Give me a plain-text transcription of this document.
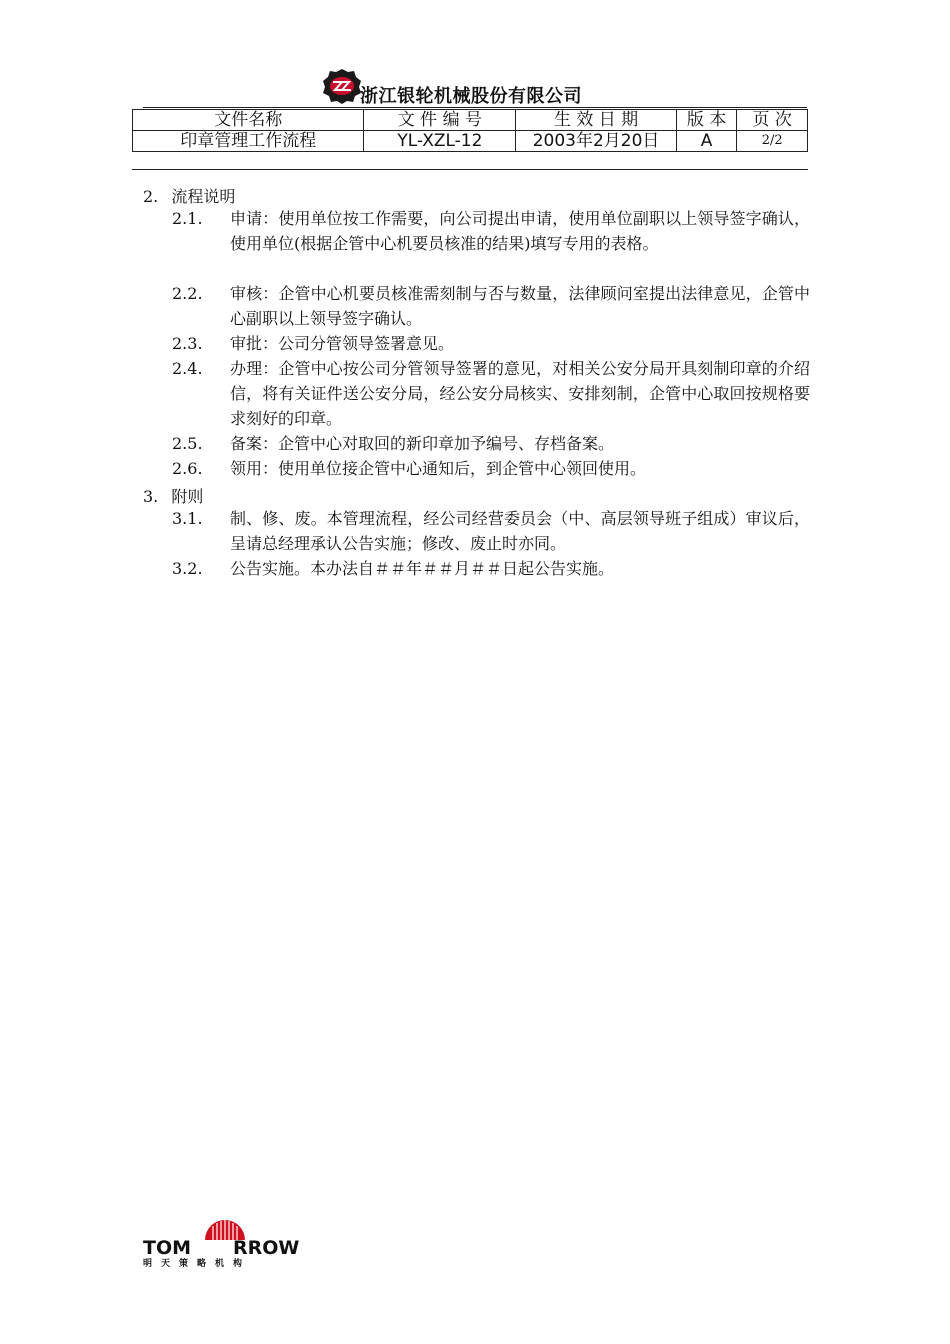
浙江银轮机械股份有限公司
文件名称	文 件 编 号	生 效 日 期	版 本	页 次
印章管理工作流程	YL-XZL-12	2003年2月20日	A	2/2
2. 流程说明
2.1. 申请：使用单位按工作需要，向公司提出申请，使用单位副职以上领导签字确认，使用单位(根据企管中心机要员核准的结果)填写专用的表格。
2.2. 审核：企管中心机要员核准需刻制与否与数量，法律顾问室提出法律意见，企管中心副职以上领导签字确认。
2.3. 审批：公司分管领导签署意见。
2.4. 办理：企管中心按公司分管领导签署的意见，对相关公安分局开具刻制印章的介绍信，将有关证件送公安分局，经公安分局核实、安排刻制，企管中心取回按规格要求刻好的印章。
2.5. 备案：企管中心对取回的新印章加予编号、存档备案。
2.6. 领用：使用单位接企管中心通知后，到企管中心领回使用。
3. 附则
3.1. 制、修、废。本管理流程，经公司经营委员会（中、高层领导班子组成）审议后，呈请总经理承认公告实施；修改、废止时亦同。
3.2. 公告实施。本办法自＃＃年＃＃月＃＃日起公告实施。
TOM RROW
明天策略机构
